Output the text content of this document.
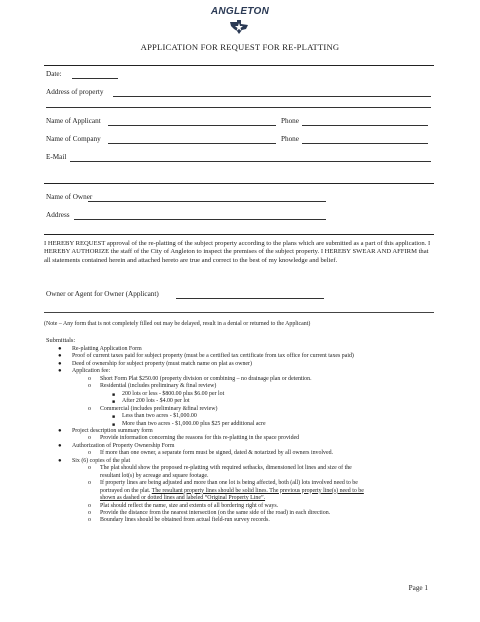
ANGLETON
APPLICATION FOR REQUEST FOR RE-PLATTING
Date:
Address of property
Name of Applicant	Phone
Name of Company	Phone
E-Mail
Name of Owner
Address
I HEREBY REQUEST approval of the re-platting of the subject property according to the plans which are submitted as a part of this application. I HEREBY AUTHORIZE the staff of the City of Angleton to inspect the premises of the subject property. I HEREBY SWEAR AND AFFIRM that all statements contained herein and attached hereto are true and correct to the best of my knowledge and belief.
Owner or Agent for Owner (Applicant)
(Note – Any form that is not completely filled out may be delayed, result in a denial or returned to the Applicant)
Submittals:
● Re-platting Application Form
● Proof of current taxes paid for subject property (must be a certified tax certificate from tax office for current taxes paid)
● Deed of ownership for subject property (must match name on plat as owner)
● Application fee:
o Short Form Plat $250.00 (property division or combining – no drainage plan or detention.
o Residential (includes preliminary & final review)
■ 200 lots or less - $800.00 plus $6.00 per lot
■ After 200 lots - $4.00 per lot
o Commercial (includes preliminary &final review)
■ Less than two acres - $1,000.00
■ More than two acres - $1,000.00 plus $25 per additional acre
● Project description summary form
o Provide information concerning the reasons for this re-platting in the space provided
● Authorization of Property Ownership Form
o If more than one owner, a separate form must be signed, dated & notarized by all owners involved.
● Six (6) copies of the plat
o The plat should show the proposed re-platting with required setbacks, dimensioned lot lines and size of the
resultant lot(s) by acreage and square footage.
o If property lines are being adjusted and more than one lot is being affected, both (all) lots involved need to be
portrayed on the plat. The resultant property lines should be solid lines. The previous property line(s) need to be
shown as dashed or dotted lines and labeled “Original Property Line”.
o Plat should reflect the name, size and extents of all bordering right of ways.
o Provide the distance from the nearest intersection (on the same side of the road) in each direction.
o Boundary lines should be obtained from actual field-run survey records.
Page 1
